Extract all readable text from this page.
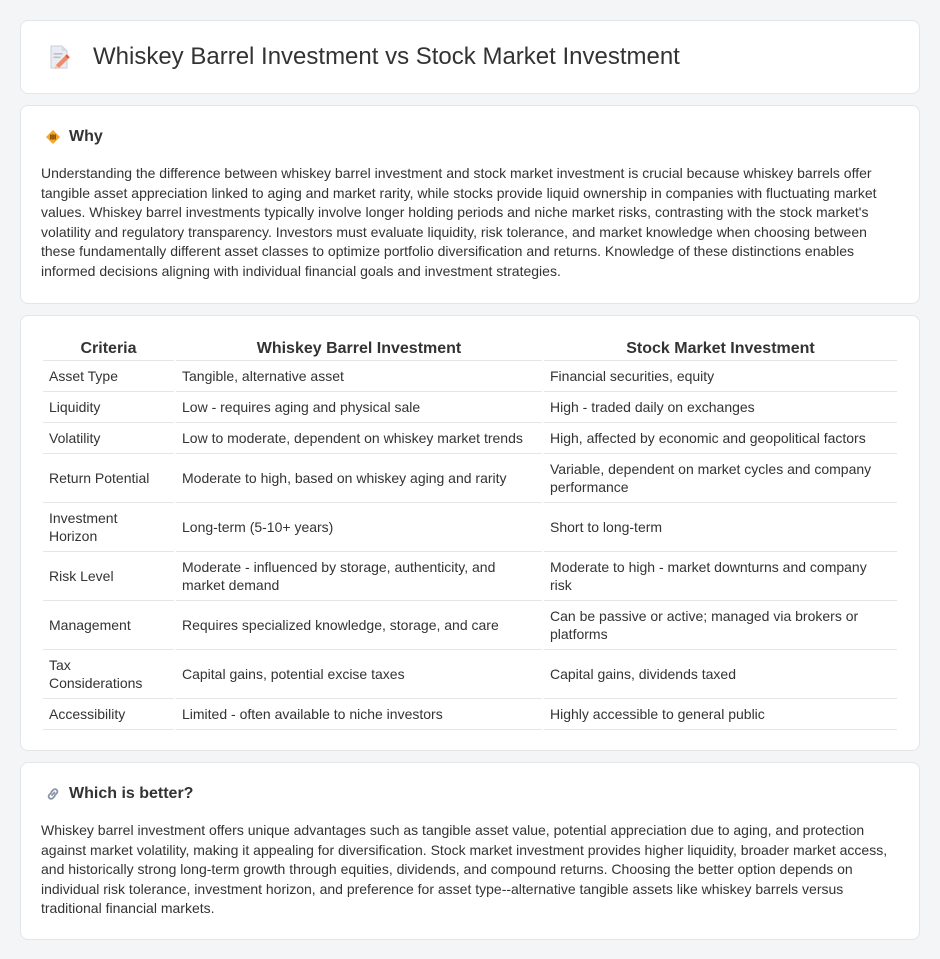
Whiskey Barrel Investment vs Stock Market Investment
Why

Understanding the difference between whiskey barrel investment and stock market investment is crucial because whiskey barrels offer tangible asset appreciation linked to aging and market rarity, while stocks provide liquid ownership in companies with fluctuating market values. Whiskey barrel investments typically involve longer holding periods and niche market risks, contrasting with the stock market's volatility and regulatory transparency. Investors must evaluate liquidity, risk tolerance, and market knowledge when choosing between these fundamentally different asset classes to optimize portfolio diversification and returns. Knowledge of these distinctions enables informed decisions aligning with individual financial goals and investment strategies.

Criteria	Whiskey Barrel Investment	Stock Market Investment
Asset Type	Tangible, alternative asset	Financial securities, equity
Liquidity	Low - requires aging and physical sale	High - traded daily on exchanges
Volatility	Low to moderate, dependent on whiskey market trends	High, affected by economic and geopolitical factors
Return Potential	Moderate to high, based on whiskey aging and rarity	Variable, dependent on market cycles and company performance
Investment Horizon	Long-term (5-10+ years)	Short to long-term
Risk Level	Moderate - influenced by storage, authenticity, and market demand	Moderate to high - market downturns and company risk
Management	Requires specialized knowledge, storage, and care	Can be passive or active; managed via brokers or platforms
Tax Considerations	Capital gains, potential excise taxes	Capital gains, dividends taxed
Accessibility	Limited - often available to niche investors	Highly accessible to general public
Which is better?

Whiskey barrel investment offers unique advantages such as tangible asset value, potential appreciation due to aging, and protection against market volatility, making it appealing for diversification. Stock market investment provides higher liquidity, broader market access, and historically strong long-term growth through equities, dividends, and compound returns. Choosing the better option depends on individual risk tolerance, investment horizon, and preference for asset type--alternative tangible assets like whiskey barrels versus traditional financial markets.
